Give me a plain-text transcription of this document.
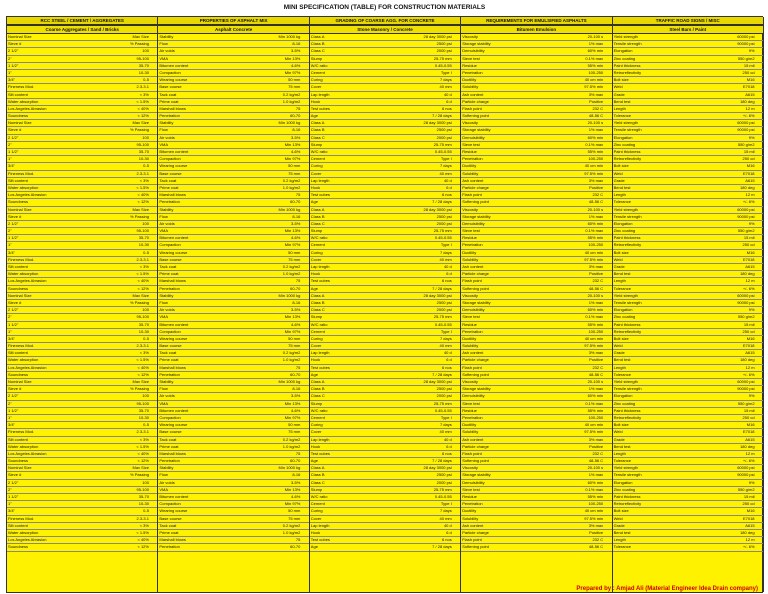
MINI SPECIFICATION (TABLE) FOR CONSTRUCTION MATERIALS
RCC STEEL / CEMENT / AGGREGATES
Coarse Aggregates / Sand / Bricks
Nominal Size	Max Size
Sieve #	% Passing
2 1/2"	100
2"	95-100
1 1/2"	35-70
1"	10-30
3/4"	0-5
Fineness Mod.	2.3-3.1
Silt content	< 3%
Water absorption	< 1.5%
Los Angeles Abrasion	< 40%
Soundness	< 12%
Nominal Size	Max Size
Sieve #	% Passing
2 1/2"	100
2"	95-100
1 1/2"	35-70
1"	10-30
3/4"	0-5
Fineness Mod.	2.3-3.1
Silt content	< 3%
Water absorption	< 1.5%
Los Angeles Abrasion	< 40%
Soundness	< 12%
Nominal Size	Max Size
Sieve #	% Passing
2 1/2"	100
2"	95-100
1 1/2"	35-70
1"	10-30
3/4"	0-5
Fineness Mod.	2.3-3.1
Silt content	< 3%
Water absorption	< 1.5%
Los Angeles Abrasion	< 40%
Soundness	< 12%
Nominal Size	Max Size
Sieve #	% Passing
2 1/2"	100
2"	95-100
1 1/2"	35-70
1"	10-30
3/4"	0-5
Fineness Mod.	2.3-3.1
Silt content	< 3%
Water absorption	< 1.5%
Los Angeles Abrasion	< 40%
Soundness	< 12%
Nominal Size	Max Size
Sieve #	% Passing
2 1/2"	100
2"	95-100
1 1/2"	35-70
1"	10-30
3/4"	0-5
Fineness Mod.	2.3-3.1
Silt content	< 3%
Water absorption	< 1.5%
Los Angeles Abrasion	< 40%
Soundness	< 12%
Nominal Size	Max Size
Sieve #	% Passing
2 1/2"	100
2"	95-100
1 1/2"	35-70
1"	10-30
3/4"	0-5
Fineness Mod.	2.3-3.1
Silt content	< 3%
Water absorption	< 1.5%
Los Angeles Abrasion	< 40%
Soundness	< 12%
PROPERTIES OF ASPHALT MIX
Asphalt Concrete
Stability	Min 1000 kg
Flow	8-16
Air voids	3-5%
VMA	Min 13%
Bitumen content	4-6%
Compaction	Min 97%
Wearing course	50 mm
Base course	75 mm
Tack coat	0.2 kg/m2
Prime coat	1.0 kg/m2
Marshall blows	75
Penetration	60-70
Stability	Min 1000 kg
Flow	8-16
Air voids	3-5%
VMA	Min 13%
Bitumen content	4-6%
Compaction	Min 97%
Wearing course	50 mm
Base course	75 mm
Tack coat	0.2 kg/m2
Prime coat	1.0 kg/m2
Marshall blows	75
Penetration	60-70
Stability	Min 1000 kg
Flow	8-16
Air voids	3-5%
VMA	Min 13%
Bitumen content	4-6%
Compaction	Min 97%
Wearing course	50 mm
Base course	75 mm
Tack coat	0.2 kg/m2
Prime coat	1.0 kg/m2
Marshall blows	75
Penetration	60-70
Stability	Min 1000 kg
Flow	8-16
Air voids	3-5%
VMA	Min 13%
Bitumen content	4-6%
Compaction	Min 97%
Wearing course	50 mm
Base course	75 mm
Tack coat	0.2 kg/m2
Prime coat	1.0 kg/m2
Marshall blows	75
Penetration	60-70
Stability	Min 1000 kg
Flow	8-16
Air voids	3-5%
VMA	Min 13%
Bitumen content	4-6%
Compaction	Min 97%
Wearing course	50 mm
Base course	75 mm
Tack coat	0.2 kg/m2
Prime coat	1.0 kg/m2
Marshall blows	75
Penetration	60-70
Stability	Min 1000 kg
Flow	8-16
Air voids	3-5%
VMA	Min 13%
Bitumen content	4-6%
Compaction	Min 97%
Wearing course	50 mm
Base course	75 mm
Tack coat	0.2 kg/m2
Prime coat	1.0 kg/m2
Marshall blows	75
Penetration	60-70
GRADING OF COARSE AGG. FOR CONCRETE
Stone Masonry / Concrete
Class A	28 day 3000 psi
Class B	2500 psi
Class C	2000 psi
Slump	25-75 mm
W/C ratio	0.45-0.55
Cement	Type I
Curing	7 days
Cover	40 mm
Lap length	40 d
Hook	6 d
Test cubes	6 nos
Age	7 / 28 days
Class A	28 day 3000 psi
Class B	2500 psi
Class C	2000 psi
Slump	25-75 mm
W/C ratio	0.45-0.55
Cement	Type I
Curing	7 days
Cover	40 mm
Lap length	40 d
Hook	6 d
Test cubes	6 nos
Age	7 / 28 days
Class A	28 day 3000 psi
Class B	2500 psi
Class C	2000 psi
Slump	25-75 mm
W/C ratio	0.45-0.55
Cement	Type I
Curing	7 days
Cover	40 mm
Lap length	40 d
Hook	6 d
Test cubes	6 nos
Age	7 / 28 days
Class A	28 day 3000 psi
Class B	2500 psi
Class C	2000 psi
Slump	25-75 mm
W/C ratio	0.45-0.55
Cement	Type I
Curing	7 days
Cover	40 mm
Lap length	40 d
Hook	6 d
Test cubes	6 nos
Age	7 / 28 days
Class A	28 day 3000 psi
Class B	2500 psi
Class C	2000 psi
Slump	25-75 mm
W/C ratio	0.45-0.55
Cement	Type I
Curing	7 days
Cover	40 mm
Lap length	40 d
Hook	6 d
Test cubes	6 nos
Age	7 / 28 days
Class A	28 day 3000 psi
Class B	2500 psi
Class C	2000 psi
Slump	25-75 mm
W/C ratio	0.45-0.55
Cement	Type I
Curing	7 days
Cover	40 mm
Lap length	40 d
Hook	6 d
Test cubes	6 nos
Age	7 / 28 days
REQUIREMENTS FOR EMULSIFIED ASPHALTS
Bitumen Emulsion
Viscosity	20-100 s
Storage stability	1% max
Demulsibility	60% min
Sieve test	0.1% max
Residue	55% min
Penetration	100-250
Ductility	40 cm min
Solubility	97.5% min
Ash content	3% max
Particle charge	Positive
Flash point	232 C
Softening point	48-56 C
Viscosity	20-100 s
Storage stability	1% max
Demulsibility	60% min
Sieve test	0.1% max
Residue	55% min
Penetration	100-250
Ductility	40 cm min
Solubility	97.5% min
Ash content	3% max
Particle charge	Positive
Flash point	232 C
Softening point	48-56 C
Viscosity	20-100 s
Storage stability	1% max
Demulsibility	60% min
Sieve test	0.1% max
Residue	55% min
Penetration	100-250
Ductility	40 cm min
Solubility	97.5% min
Ash content	3% max
Particle charge	Positive
Flash point	232 C
Softening point	48-56 C
Viscosity	20-100 s
Storage stability	1% max
Demulsibility	60% min
Sieve test	0.1% max
Residue	55% min
Penetration	100-250
Ductility	40 cm min
Solubility	97.5% min
Ash content	3% max
Particle charge	Positive
Flash point	232 C
Softening point	48-56 C
Viscosity	20-100 s
Storage stability	1% max
Demulsibility	60% min
Sieve test	0.1% max
Residue	55% min
Penetration	100-250
Ductility	40 cm min
Solubility	97.5% min
Ash content	3% max
Particle charge	Positive
Flash point	232 C
Softening point	48-56 C
Viscosity	20-100 s
Storage stability	1% max
Demulsibility	60% min
Sieve test	0.1% max
Residue	55% min
Penetration	100-250
Ductility	40 cm min
Solubility	97.5% min
Ash content	3% max
Particle charge	Positive
Flash point	232 C
Softening point	48-56 C
TRAFFIC ROAD SIGNS / MISC
Steel Bars / Paint
Yield strength	60000 psi
Tensile strength	90000 psi
Elongation	9%
Zinc coating	550 g/m2
Paint thickness	15 mil
Retroreflectivity	250 cd
Bolt size	M16
Weld	E7018
Grade	A615
Bend test	180 deg
Length	12 m
Tolerance	+/- 6%
Yield strength	60000 psi
Tensile strength	90000 psi
Elongation	9%
Zinc coating	550 g/m2
Paint thickness	15 mil
Retroreflectivity	250 cd
Bolt size	M16
Weld	E7018
Grade	A615
Bend test	180 deg
Length	12 m
Tolerance	+/- 6%
Yield strength	60000 psi
Tensile strength	90000 psi
Elongation	9%
Zinc coating	550 g/m2
Paint thickness	15 mil
Retroreflectivity	250 cd
Bolt size	M16
Weld	E7018
Grade	A615
Bend test	180 deg
Length	12 m
Tolerance	+/- 6%
Yield strength	60000 psi
Tensile strength	90000 psi
Elongation	9%
Zinc coating	550 g/m2
Paint thickness	15 mil
Retroreflectivity	250 cd
Bolt size	M16
Weld	E7018
Grade	A615
Bend test	180 deg
Length	12 m
Tolerance	+/- 6%
Yield strength	60000 psi
Tensile strength	90000 psi
Elongation	9%
Zinc coating	550 g/m2
Paint thickness	15 mil
Retroreflectivity	250 cd
Bolt size	M16
Weld	E7018
Grade	A615
Bend test	180 deg
Length	12 m
Tolerance	+/- 6%
Yield strength	60000 psi
Tensile strength	90000 psi
Elongation	9%
Zinc coating	550 g/m2
Paint thickness	15 mil
Retroreflectivity	250 cd
Bolt size	M16
Weld	E7018
Grade	A615
Bend test	180 deg
Length	12 m
Tolerance	+/- 6%
Prepared by : Amjad Ali (Material Engineer Idea Drain company)
